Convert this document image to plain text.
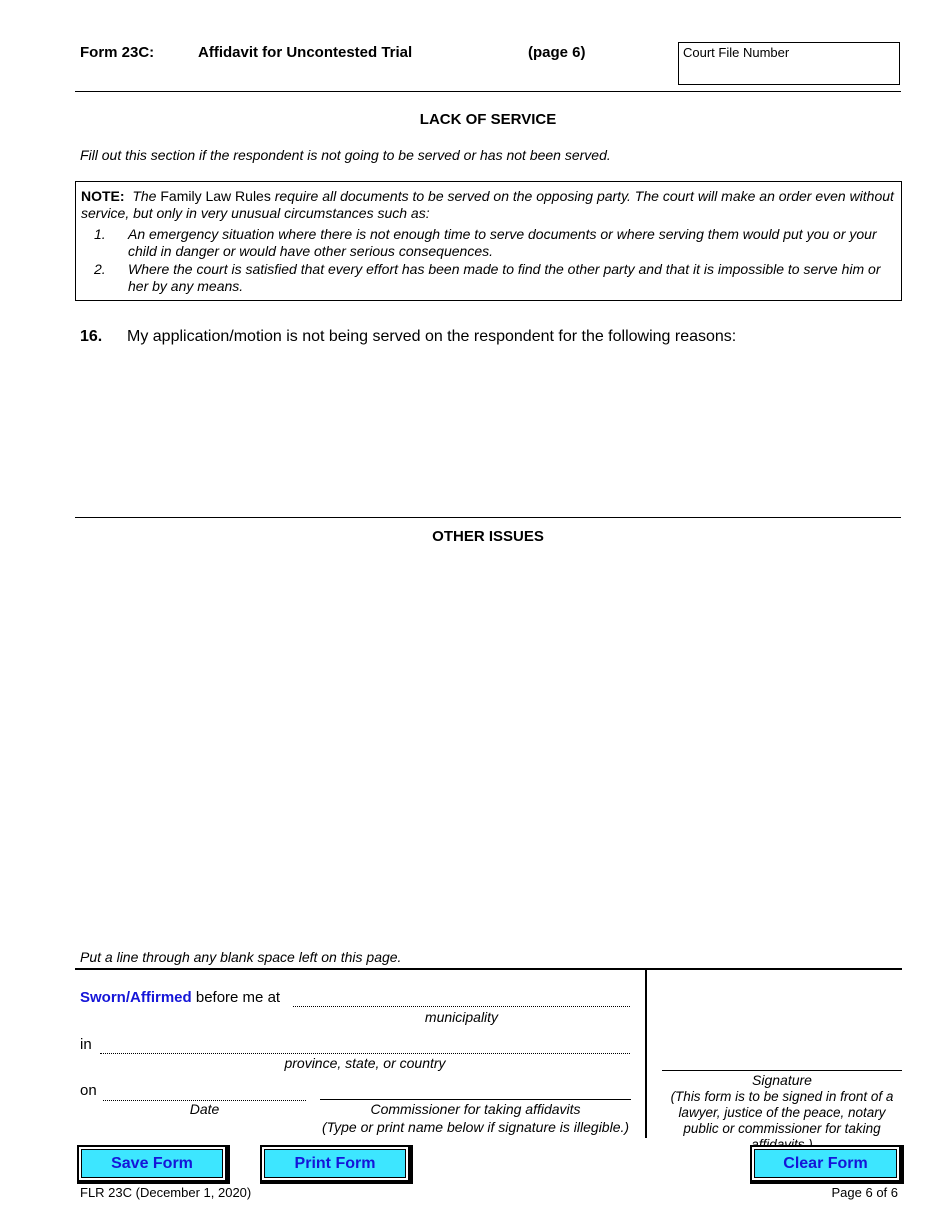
Form 23C:	Affidavit for Uncontested Trial	(page 6)	Court File Number
LACK OF SERVICE
Fill out this section if the respondent is not going to be served or has not been served.
NOTE: The Family Law Rules require all documents to be served on the opposing party. The court will make an order even without service, but only in very unusual circumstances such as:
1. An emergency situation where there is not enough time to serve documents or where serving them would put you or your child in danger or would have other serious consequences.
2. Where the court is satisfied that every effort has been made to find the other party and that it is impossible to serve him or her by any means.
16. My application/motion is not being served on the respondent for the following reasons:
OTHER ISSUES
Put a line through any blank space left on this page.
Sworn/Affirmed before me at
municipality
in
province, state, or country
on
Date	Commissioner for taking affidavits
(Type or print name below if signature is illegible.)
Signature
(This form is to be signed in front of a lawyer, justice of the peace, notary public or commissioner for taking
Save Form	Print Form	Clear Form
FLR 23C (December 1, 2020)	Page 6 of 6
